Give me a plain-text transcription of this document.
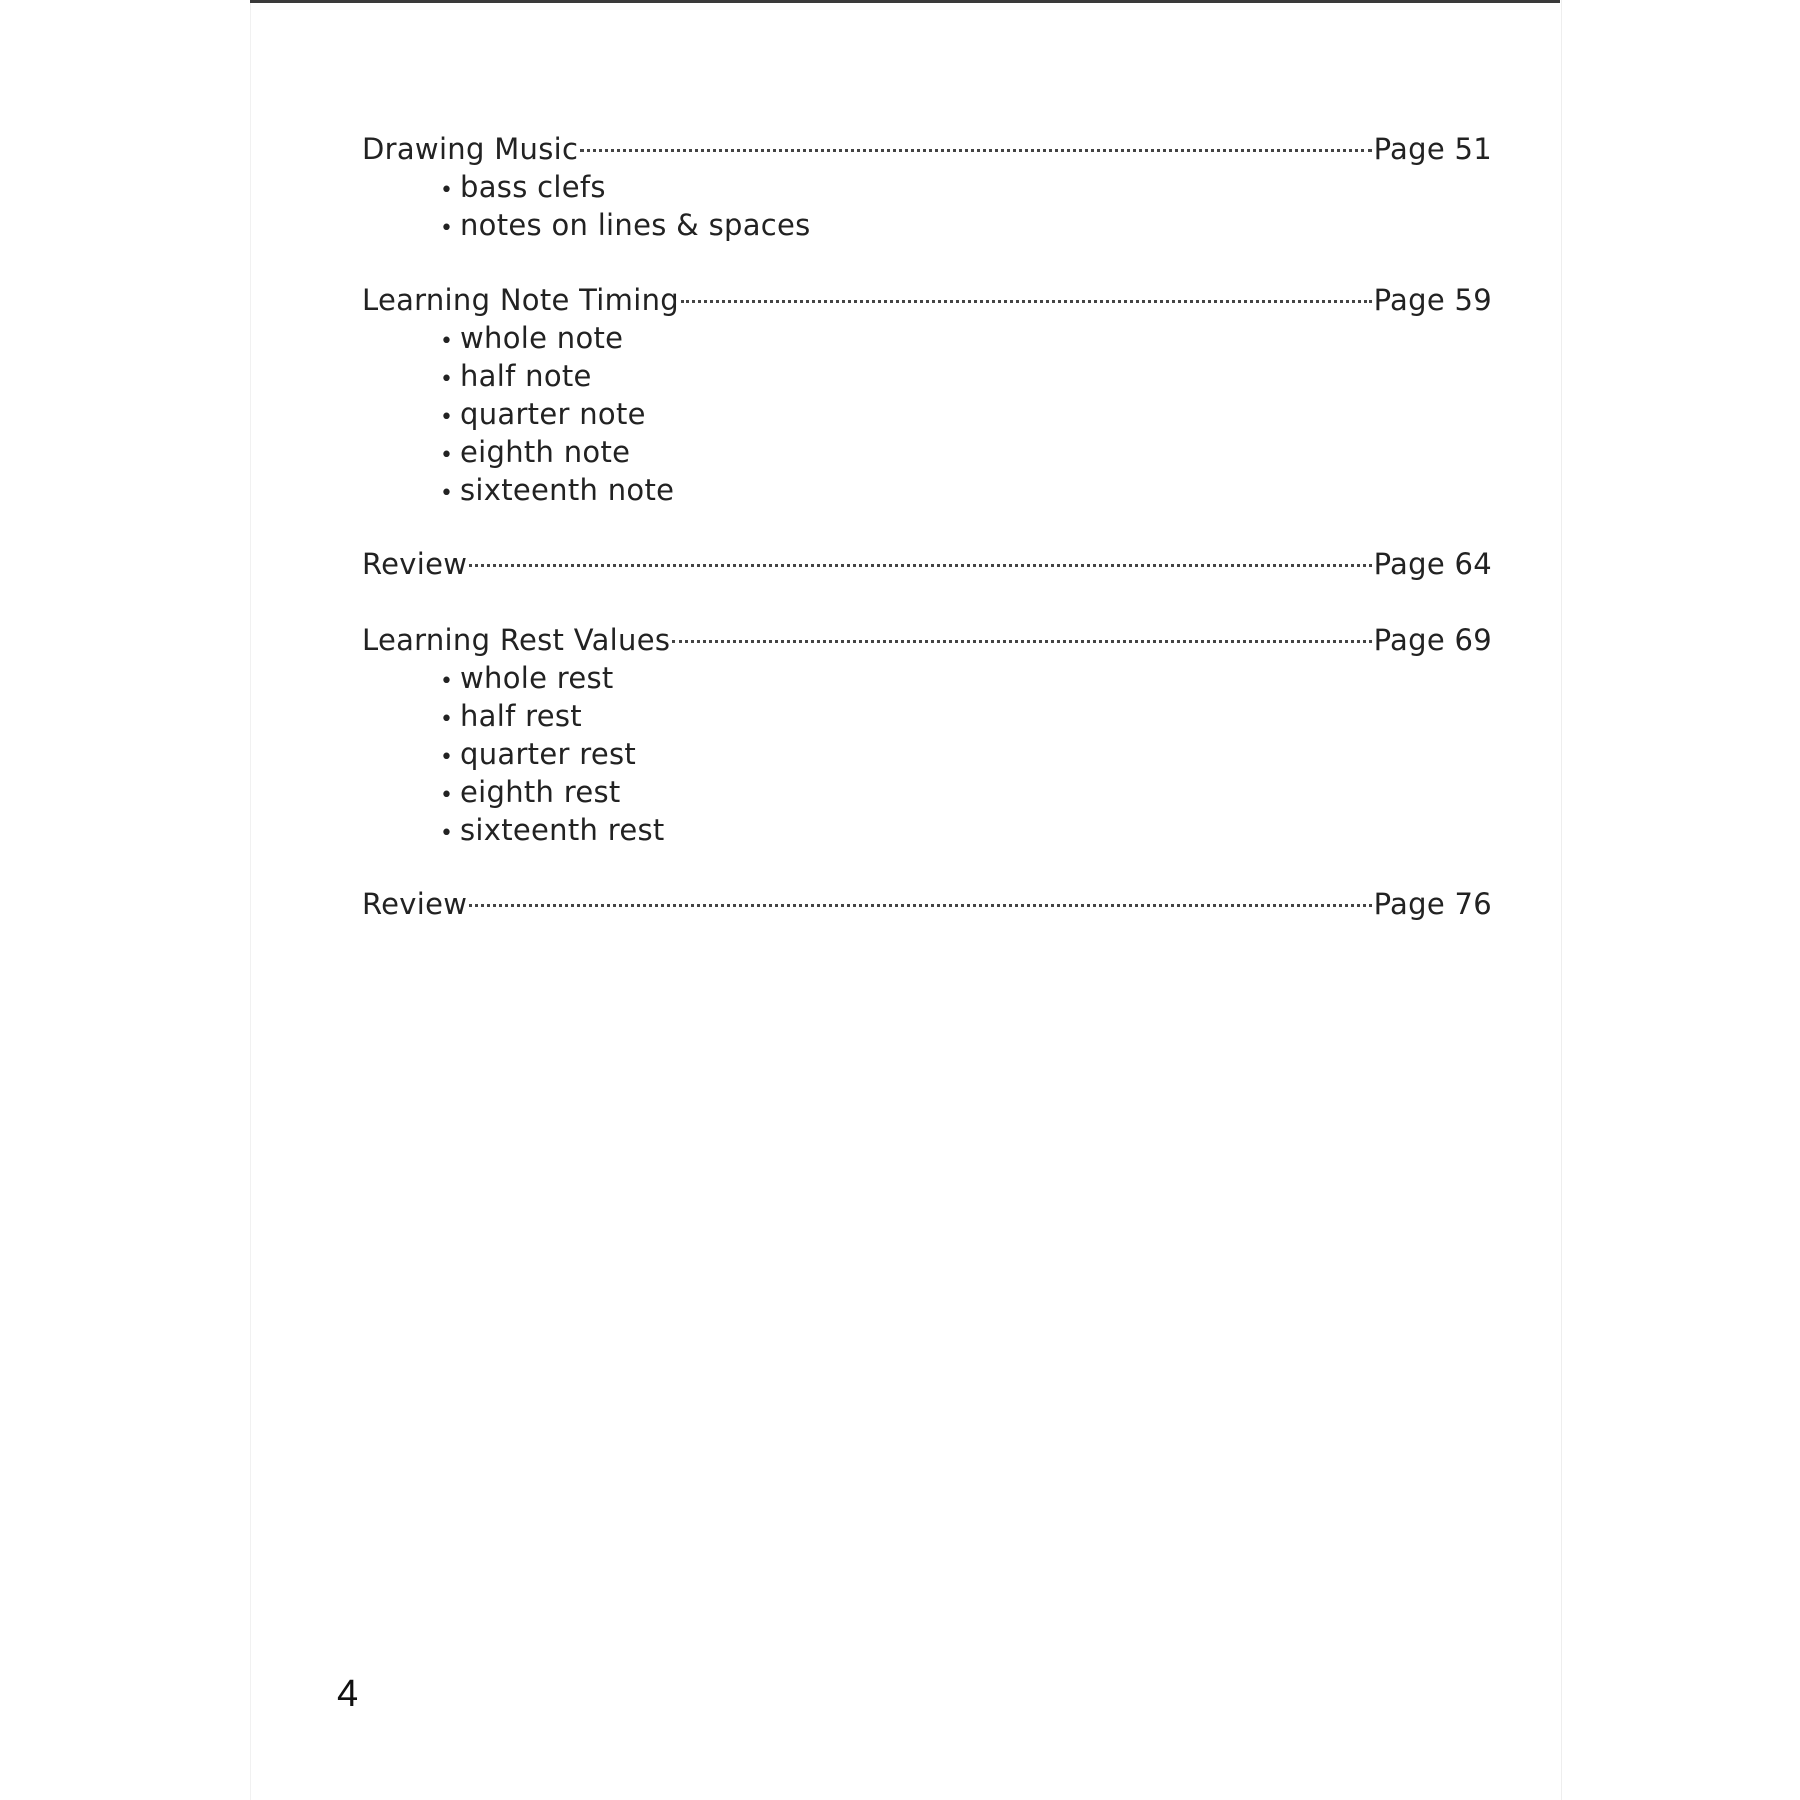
Drawing Music	Page 51
• bass clefs
• notes on lines & spaces
Learning Note Timing	Page 59
• whole note
• half note
• quarter note
• eighth note
• sixteenth note
Review	Page 64
Learning Rest Values	Page 69
• whole rest
• half rest
• quarter rest
• eighth rest
• sixteenth rest
Review	Page 76
4
